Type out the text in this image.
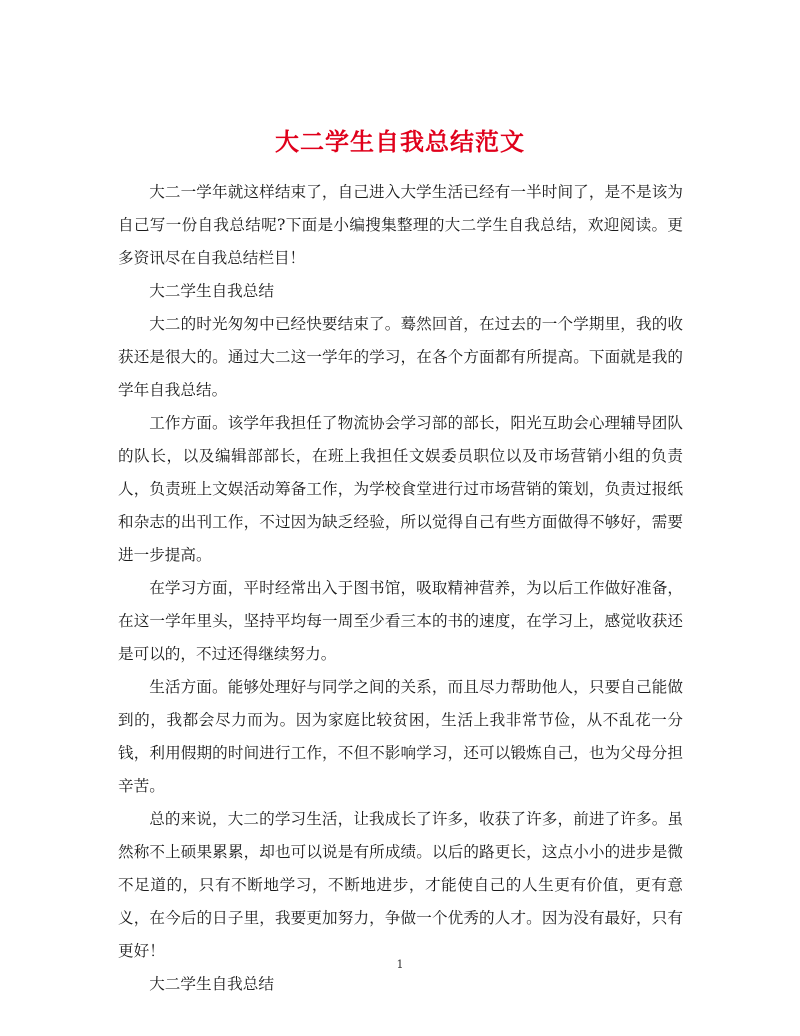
大二学生自我总结范文

大二一学年就这样结束了，自己进入大学生活已经有一半时间了，是不是该为自己写一份自我总结呢?下面是小编搜集整理的大二学生自我总结，欢迎阅读。更多资讯尽在自我总结栏目！

大二学生自我总结

大二的时光匆匆中已经快要结束了。蓦然回首，在过去的一个学期里，我的收获还是很大的。通过大二这一学年的学习，在各个方面都有所提高。下面就是我的学年自我总结。

工作方面。该学年我担任了物流协会学习部的部长，阳光互助会心理辅导团队的队长，以及编辑部部长，在班上我担任文娱委员职位以及市场营销小组的负责人，负责班上文娱活动筹备工作，为学校食堂进行过市场营销的策划，负责过报纸和杂志的出刊工作，不过因为缺乏经验，所以觉得自己有些方面做得不够好，需要进一步提高。

在学习方面，平时经常出入于图书馆，吸取精神营养，为以后工作做好准备，在这一学年里头，坚持平均每一周至少看三本的书的速度，在学习上，感觉收获还是可以的，不过还得继续努力。

生活方面。能够处理好与同学之间的关系，而且尽力帮助他人，只要自己能做到的，我都会尽力而为。因为家庭比较贫困，生活上我非常节俭，从不乱花一分钱，利用假期的时间进行工作，不但不影响学习，还可以锻炼自己，也为父母分担辛苦。

总的来说，大二的学习生活，让我成长了许多，收获了许多，前进了许多。虽然称不上硕果累累，却也可以说是有所成绩。以后的路更长，这点小小的进步是微不足道的，只有不断地学习，不断地进步，才能使自己的人生更有价值，更有意义，在今后的日子里，我要更加努力，争做一个优秀的人才。因为没有最好，只有更好！

大二学生自我总结

1
